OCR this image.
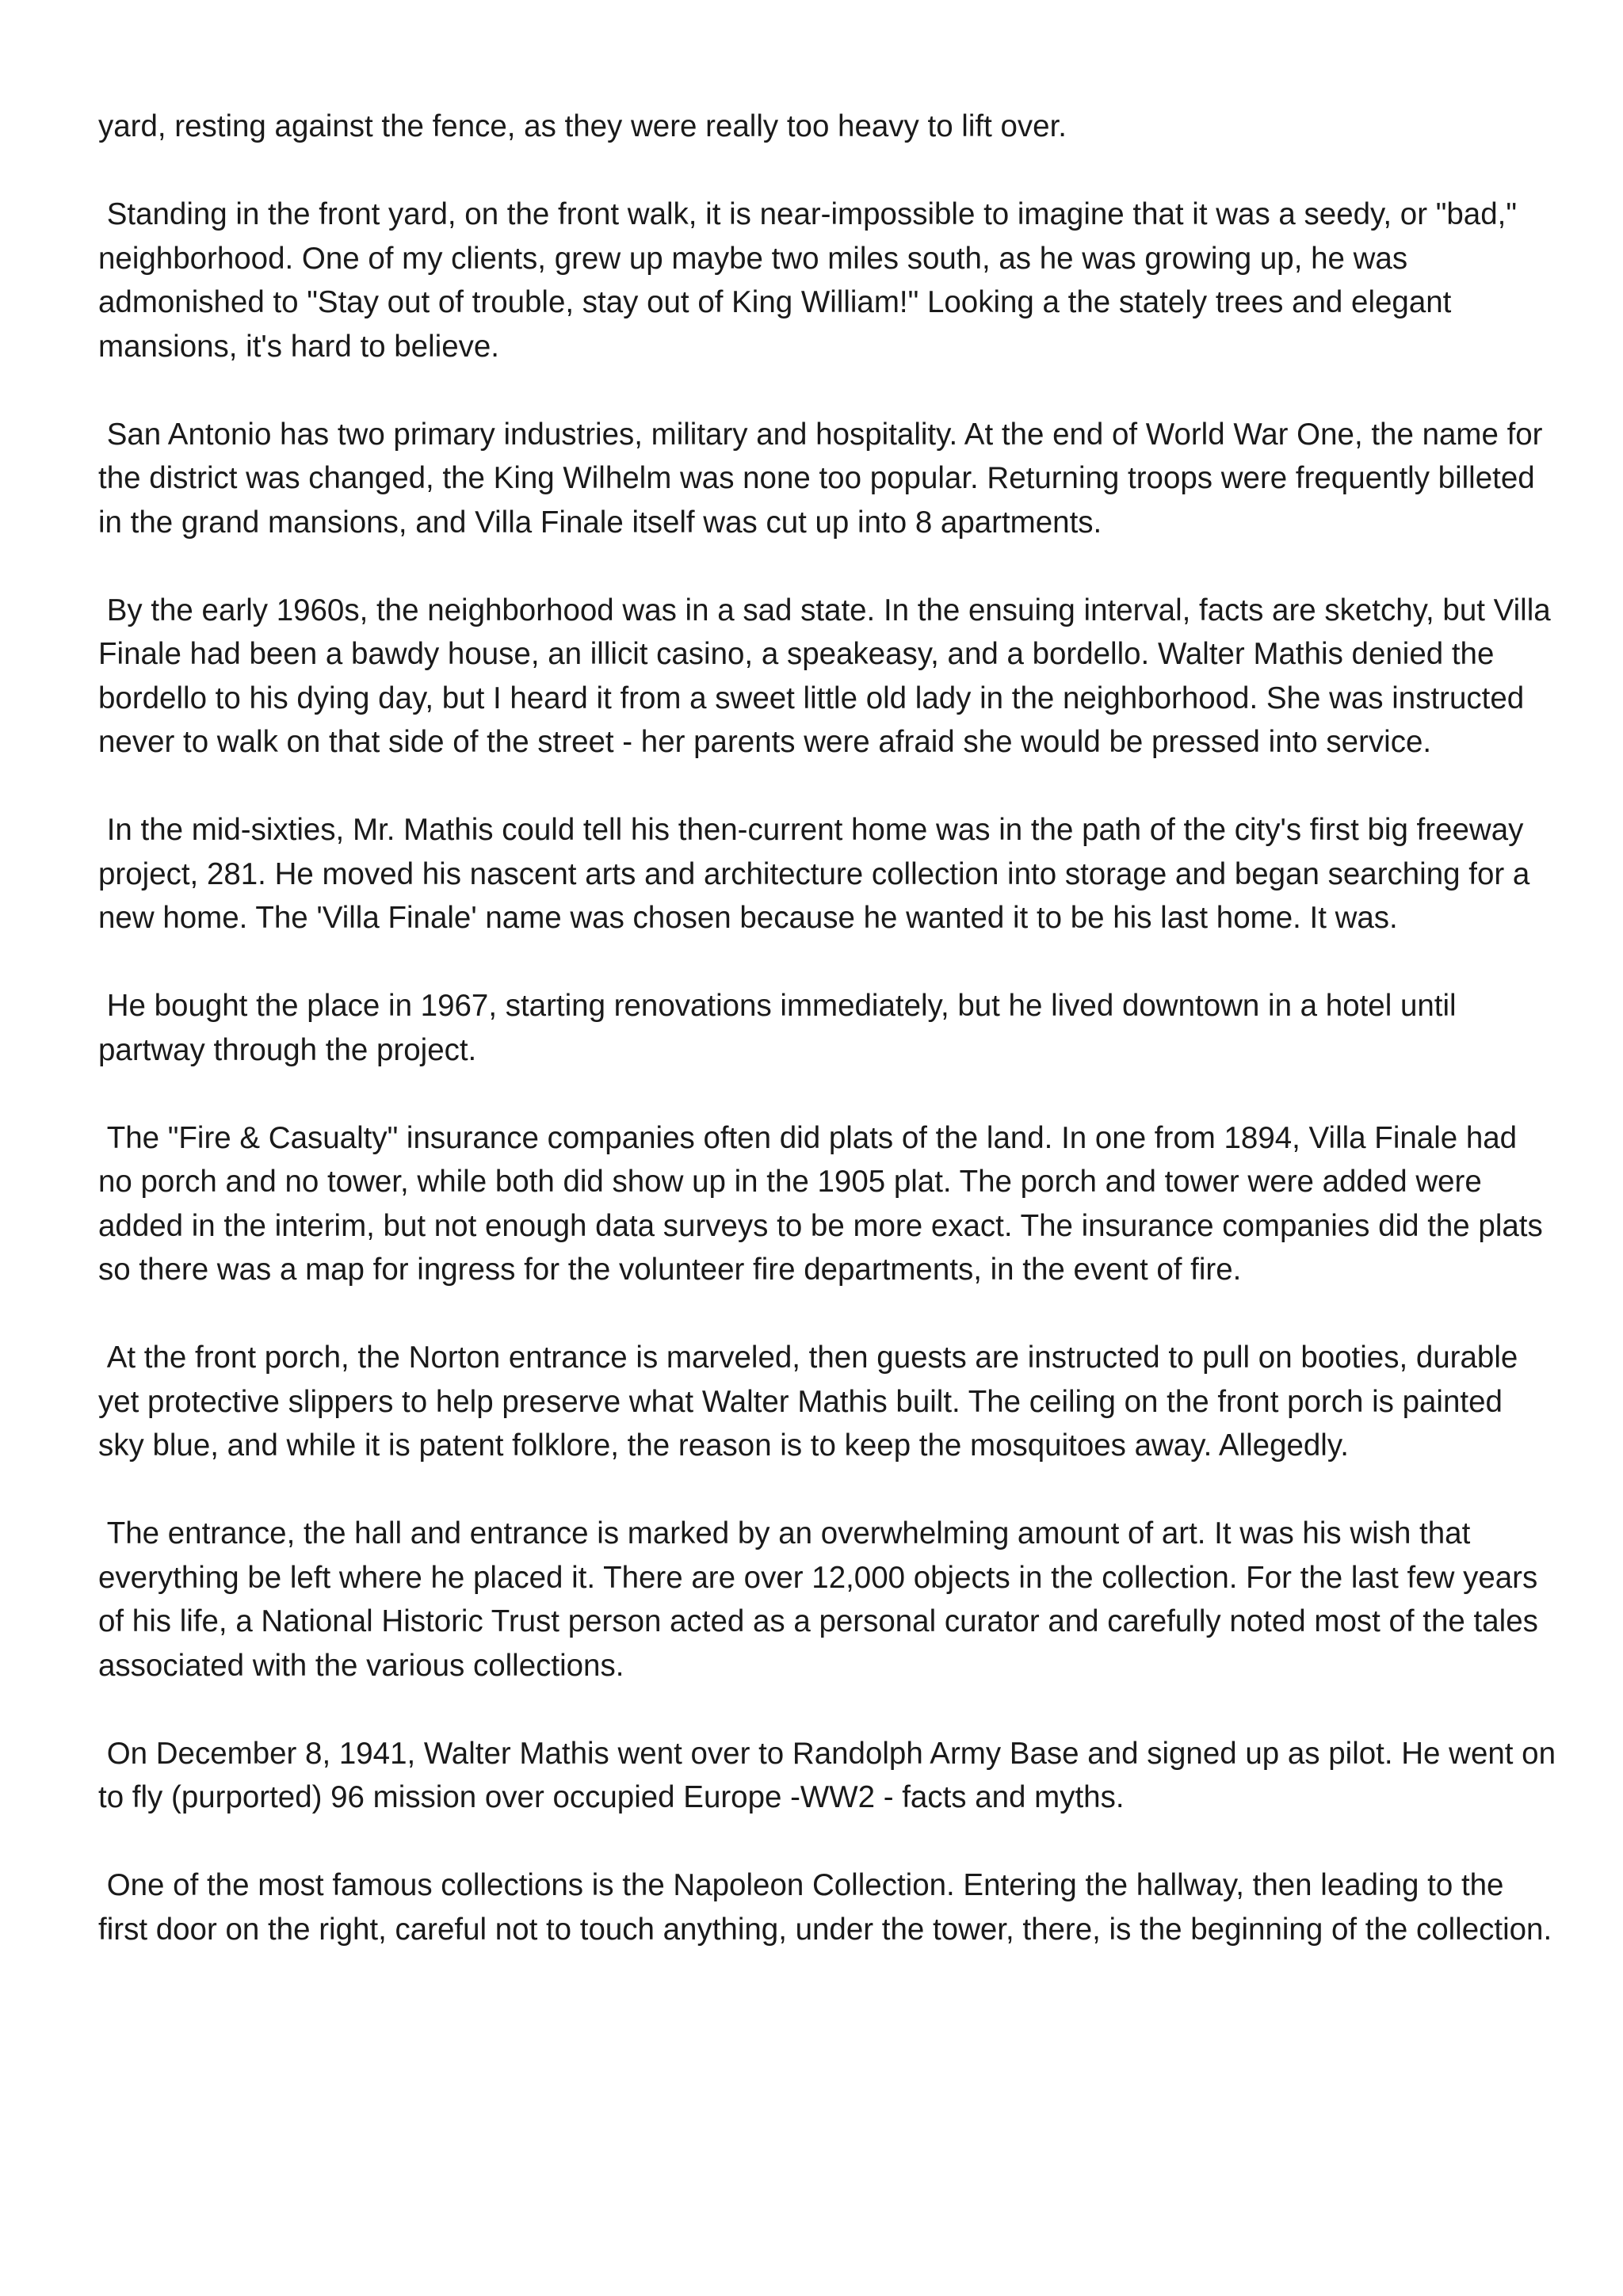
yard, resting against the fence, as they were really too heavy to lift over.

Standing in the front yard, on the front walk, it is near-impossible to imagine that it was a seedy, or "bad," neighborhood. One of my clients, grew up maybe two miles south, as he was growing up, he was admonished to "Stay out of trouble, stay out of King William!" Looking a the stately trees and elegant mansions, it's hard to believe.

San Antonio has two primary industries, military and hospitality. At the end of World War One, the name for the district was changed, the King Wilhelm was none too popular. Returning troops were frequently billeted in the grand mansions, and Villa Finale itself was cut up into 8 apartments.

By the early 1960s, the neighborhood was in a sad state. In the ensuing interval, facts are sketchy, but Villa Finale had been a bawdy house, an illicit casino, a speakeasy, and a bordello. Walter Mathis denied the bordello to his dying day, but I heard it from a sweet little old lady in the neighborhood. She was instructed never to walk on that side of the street - her parents were afraid she would be pressed into service.

In the mid-sixties, Mr. Mathis could tell his then-current home was in the path of the city's first big freeway project, 281. He moved his nascent arts and architecture collection into storage and began searching for a new home. The 'Villa Finale' name was chosen because he wanted it to be his last home. It was.

He bought the place in 1967, starting renovations immediately, but he lived downtown in a hotel until partway through the project.

The "Fire & Casualty" insurance companies often did plats of the land. In one from 1894, Villa Finale had no porch and no tower, while both did show up in the 1905 plat. The porch and tower were added were added in the interim, but not enough data surveys to be more exact. The insurance companies did the plats so there was a map for ingress for the volunteer fire departments, in the event of fire.

At the front porch, the Norton entrance is marveled, then guests are instructed to pull on booties, durable yet protective slippers to help preserve what Walter Mathis built. The ceiling on the front porch is painted sky blue, and while it is patent folklore, the reason is to keep the mosquitoes away. Allegedly.

The entrance, the hall and entrance is marked by an overwhelming amount of art. It was his wish that everything be left where he placed it. There are over 12,000 objects in the collection. For the last few years of his life, a National Historic Trust person acted as a personal curator and carefully noted most of the tales associated with the various collections.

On December 8, 1941, Walter Mathis went over to Randolph Army Base and signed up as pilot. He went on to fly (purported) 96 mission over occupied Europe -WW2 - facts and myths.

One of the most famous collections is the Napoleon Collection. Entering the hallway, then leading to the first door on the right, careful not to touch anything, under the tower, there, is the beginning of the collection.
